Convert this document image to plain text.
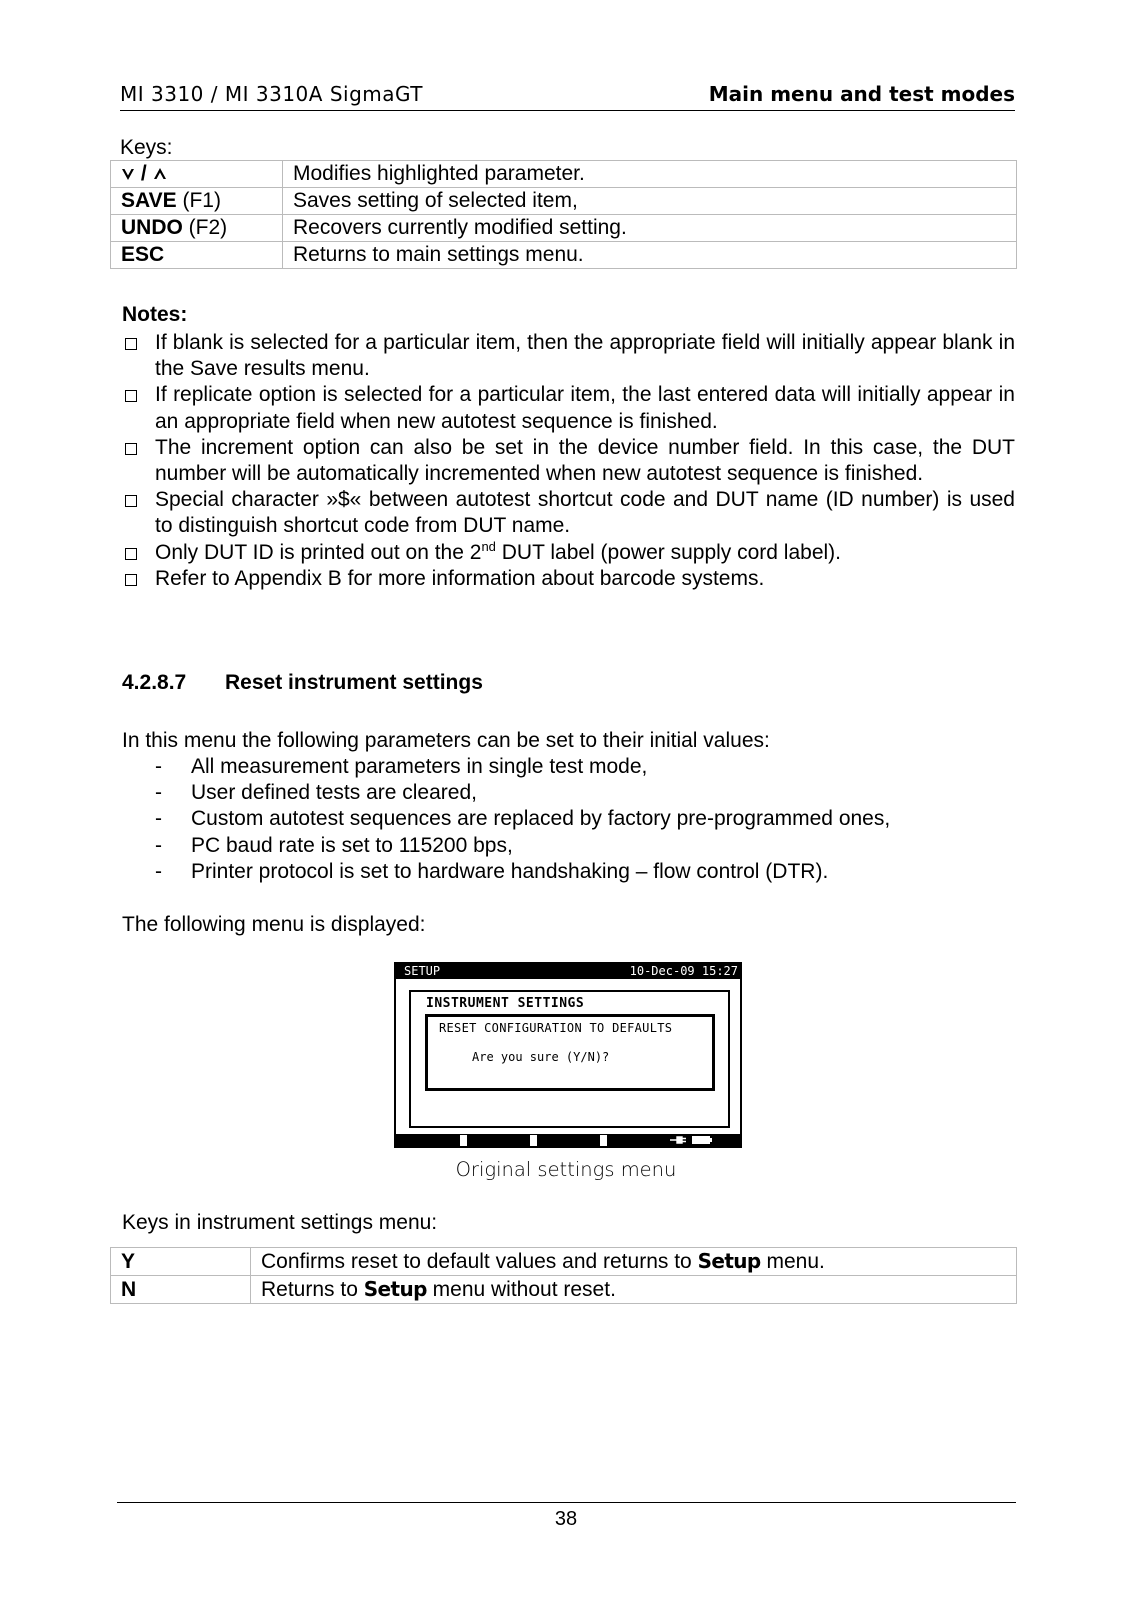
MI 3310 / MI 3310A SigmaGT	Main menu and test modes
Keys:
/	Modifies highlighted parameter.
SAVE (F1)	Saves setting of selected item,
UNDO (F2)	Recovers currently modified setting.
ESC	Returns to main settings menu.
Notes:
If blank is selected for a particular item, then the appropriate field will initially appear blank in the Save results menu.
If replicate option is selected for a particular item, the last entered data will initially appear in an appropriate field when new autotest sequence is finished.
The increment option can also be set in the device number field. In this case, the DUT number will be automatically incremented when new autotest sequence is finished.
Special character »$« between autotest shortcut code and DUT name (ID number) is used to distinguish shortcut code from DUT name.
Only DUT ID is printed out on the 2nd DUT label (power supply cord label).
Refer to Appendix B for more information about barcode systems.
4.2.8.7 Reset instrument settings
In this menu the following parameters can be set to their initial values:
- All measurement parameters in single test mode,
- User defined tests are cleared,
- Custom autotest sequences are replaced by factory pre-programmed ones,
- PC baud rate is set to 115200 bps,
- Printer protocol is set to hardware handshaking – flow control (DTR).
The following menu is displayed:
SETUP	10-Dec-09 15:27
INSTRUMENT SETTINGS
RESET CONFIGURATION TO DEFAULTS
Are you sure (Y/N)?
Original settings menu
Keys in instrument settings menu:
Y	Confirms reset to default values and returns to Setup menu.
N	Returns to Setup menu without reset.
38
